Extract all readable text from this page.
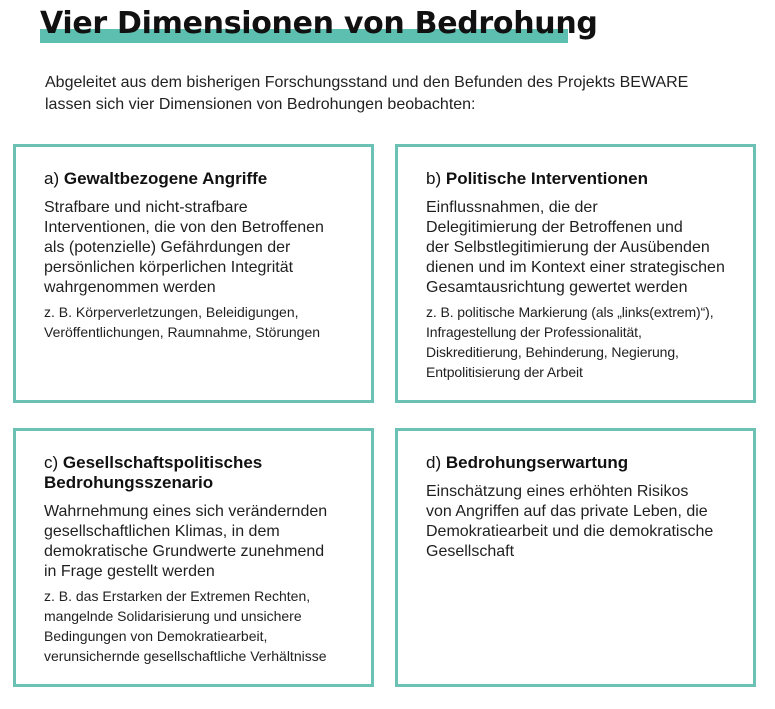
Vier Dimensionen von Bedrohung

Abgeleitet aus dem bisherigen Forschungsstand und den Befunden des Projekts BEWARE
lassen sich vier Dimensionen von Bedrohungen beobachten:

a) Gewaltbezogene Angriffe

Strafbare und nicht-strafbare
Interventionen, die von den Betroffenen
als (potenzielle) Gefährdungen der
persönlichen körperlichen Integrität
wahrgenommen werden

z. B. Körperverletzungen, Beleidigungen,
Veröffentlichungen, Raumnahme, Störungen

b) Politische Interventionen

Einflussnahmen, die der
Delegitimierung der Betroffenen und
der Selbstlegitimierung der Ausübenden
dienen und im Kontext einer strategischen
Gesamtausrichtung gewertet werden

z. B. politische Markierung (als „links(extrem)“),
Infragestellung der Professionalität,
Diskreditierung, Behinderung, Negierung,
Entpolitisierung der Arbeit

c) Gesellschaftspolitisches
Bedrohungsszenario

Wahrnehmung eines sich verändernden
gesellschaftlichen Klimas, in dem
demokratische Grundwerte zunehmend
in Frage gestellt werden

z. B. das Erstarken der Extremen Rechten,
mangelnde Solidarisierung und unsichere
Bedingungen von Demokratiearbeit,
verunsichernde gesellschaftliche Verhältnisse

d) Bedrohungserwartung

Einschätzung eines erhöhten Risikos
von Angriffen auf das private Leben, die
Demokratiearbeit und die demokratische
Gesellschaft
